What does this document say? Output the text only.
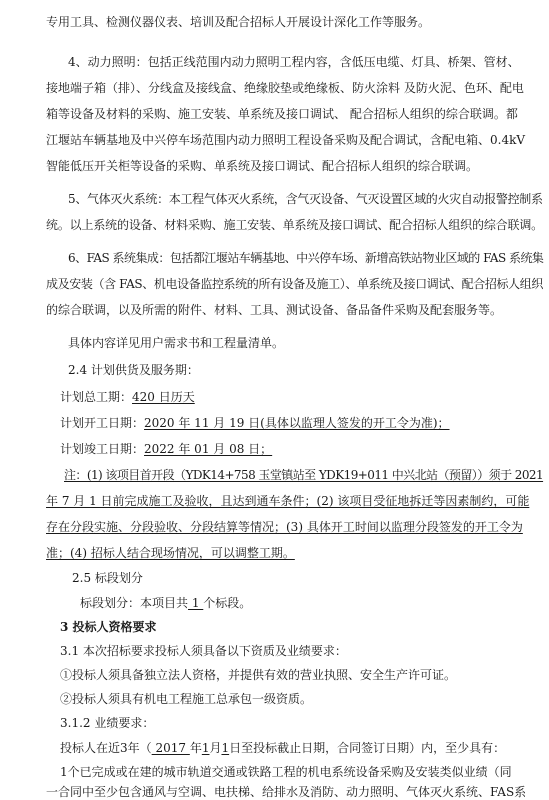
专用工具、检测仪器仪表、培训及配合招标人开展设计深化工作等服务。
4、动力照明：包括正线范围内动力照明工程内容，含低压电缆、灯具、桥架、管材、
接地端子箱（排）、分线盒及接线盒、绝缘胶垫或绝缘板、防火涂料 及防火泥、色环、配电
箱等设备及材料的采购、施工安装、单系统及接口调试、 配合招标人组织的综合联调。都
江堰站车辆基地及中兴停车场范围内动力照明工程设备采购及配合调试，含配电箱、0.4kV
智能低压开关柜等设备的采购、单系统及接口调试、配合招标人组织的综合联调。
5、气体灭火系统：本工程气体灭火系统，含气灭设备、气灭设置区域的火灾自动报警控制系
统。以上系统的设备、材料采购、施工安装、单系统及接口调试、配合招标人组织的综合联调。
6、FAS 系统集成：包括都江堰站车辆基地、中兴停车场、新增高铁站物业区域的 FAS 系统集
成及安装（含 FAS、机电设备监控系统的所有设备及施工）、单系统及接口调试、配合招标人组织
的综合联调，以及所需的附件、材料、工具、测试设备、备品备件采购及配套服务等。
具体内容详见用户需求书和工程量清单。
2.4 计划供货及服务期：
计划总工期：420 日历天
计划开工日期：2020 年 11 月 19 日(具体以监理人签发的开工令为准)；
计划竣工日期：2022 年 01 月 08 日；
注：(1) 该项目首开段（YDK14+758 玉堂镇站至 YDK19+011 中兴北站（预留））须于 2021
年 7 月 1 日前完成施工及验收，且达到通车条件；(2) 该项目受征地拆迁等因素制约，可能
存在分段实施、分段验收、分段结算等情况；(3) 具体开工时间以监理分段签发的开工令为
准；(4) 招标人结合现场情况，可以调整工期。
2.5 标段划分
标段划分：本项目共 1 个标段。
3 投标人资格要求
3.1 本次招标要求投标人须具备以下资质及业绩要求：
①投标人须具备独立法人资格，并提供有效的营业执照、安全生产许可证。
②投标人须具有机电工程施工总承包一级资质。
3.1.2 业绩要求：
投标人在近3年（ 2017 年1月1日至投标截止日期，合同签订日期）内，至少具有：
1个已完成或在建的城市轨道交通或铁路工程的机电系统设备采购及安装类似业绩（同
一合同中至少包含通风与空调、电扶梯、给排水及消防、动力照明、气体灭火系统、FAS系
